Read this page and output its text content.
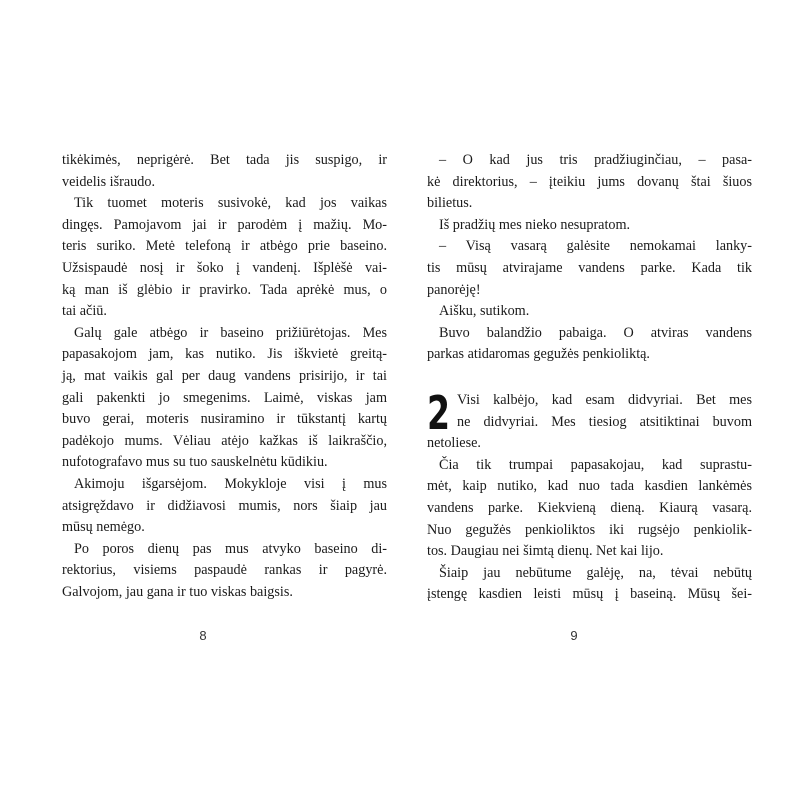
tikėkimės, neprigėrė. Bet tada jis suspigo, ir
veidelis išraudo.
Tik tuomet moteris susivokė, kad jos vaikas
dingęs. Pamojavom jai ir parodėm į mažių. Mo-
teris suriko. Metė telefoną ir atbėgo prie baseino.
Užsispaudė nosį ir šoko į vandenį. Išplėšė vai-
ką man iš glėbio ir pravirko. Tada aprėkė mus, o
tai ačiū.
Galų gale atbėgo ir baseino prižiūrėtojas. Mes
papasakojom jam, kas nutiko. Jis iškvietė greitą-
ją, mat vaikis gal per daug vandens prisirijo, ir tai
gali pakenkti jo smegenims. Laimė, viskas jam
buvo gerai, moteris nusiramino ir tūkstantį kartų
padėkojo mums. Vėliau atėjo kažkas iš laikraščio,
nufotografavo mus su tuo sauskelnėtu kūdikiu.
Akimoju išgarsėjom. Mokykloje visi į mus
atsigręždavo ir didžiavosi mumis, nors šiaip jau
mūsų nemėgo.
Po poros dienų pas mus atvyko baseino di-
rektorius, visiems paspaudė rankas ir pagyrė.
Galvojom, jau gana ir tuo viskas baigsis.
– O kad jus tris pradžiuginčiau, – pasa-
kė direktorius, – įteikiu jums dovanų štai šiuos
bilietus.
Iš pradžių mes nieko nesupratom.
– Visą vasarą galėsite nemokamai lanky-
tis mūsų atvirajame vandens parke. Kada tik
panorėję!
Aišku, sutikom.
Buvo balandžio pabaiga. O atviras vandens
parkas atidaromas gegužės penkioliktą.
2 Visi kalbėjo, kad esam didvyriai. Bet mes
ne didvyriai. Mes tiesiog atsitiktinai buvom
netoliese.
Čia tik trumpai papasakojau, kad suprastu-
mėt, kaip nutiko, kad nuo tada kasdien lankėmės
vandens parke. Kiekvieną dieną. Kiaurą vasarą.
Nuo gegužės penkioliktos iki rugsėjo penkiolik-
tos. Daugiau nei šimtą dienų. Net kai lijo.
Šiaip jau nebūtume galėję, na, tėvai nebūtų
įstengę kasdien leisti mūsų į baseiną. Mūsų šei-
8	9
